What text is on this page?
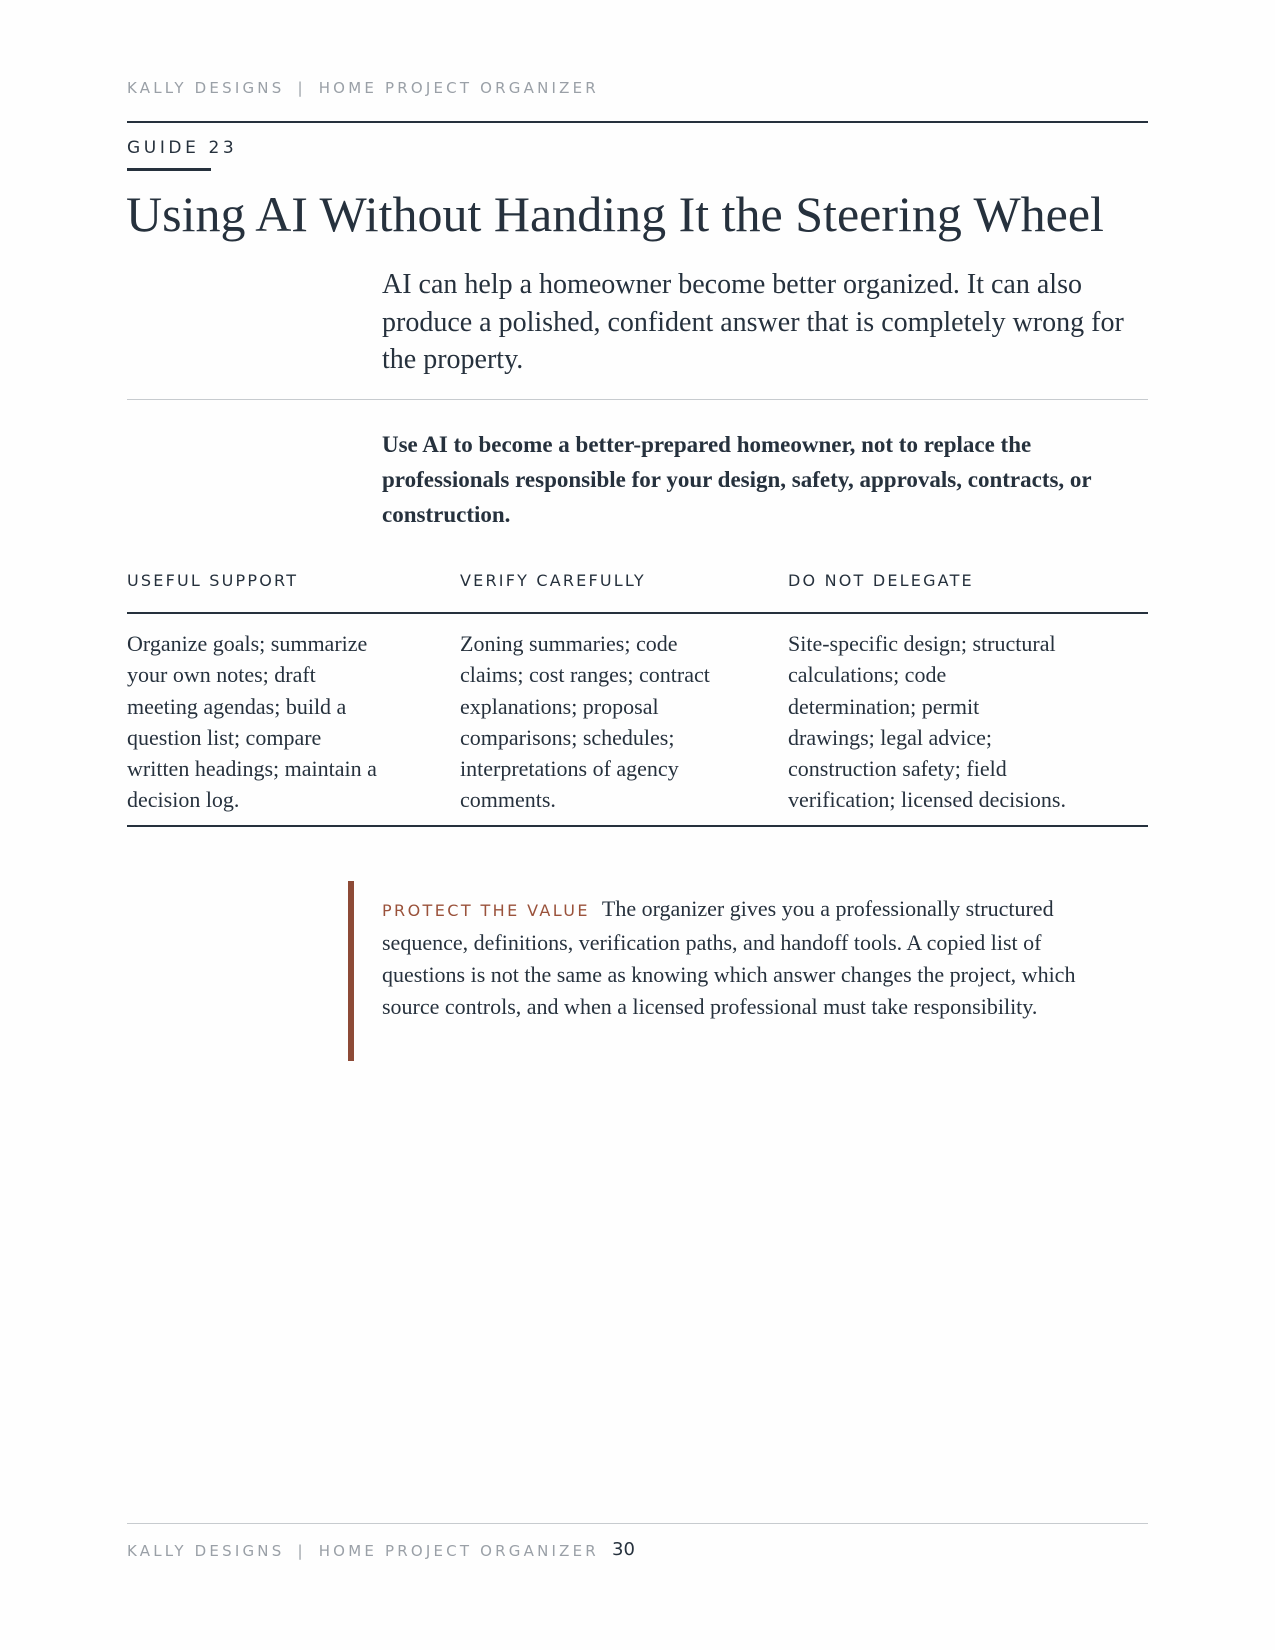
KALLY DESIGNS | HOME PROJECT ORGANIZER
GUIDE 23
Using AI Without Handing It the Steering Wheel

AI can help a homeowner become better organized. It can also produce a polished, confident answer that is completely wrong for the property.

Use AI to become a better-prepared homeowner, not to replace the professionals responsible for your design, safety, approvals, contracts, or construction.

USEFUL SUPPORT	VERIFY CAREFULLY	DO NOT DELEGATE
Organize goals; summarize
your own notes; draft
meeting agendas; build a
question list; compare
written headings; maintain a
decision log.
Zoning summaries; code
claims; cost ranges; contract
explanations; proposal
comparisons; schedules;
interpretations of agency
comments.
Site-specific design; structural
calculations; code
determination; permit
drawings; legal advice;
construction safety; field
verification; licensed decisions.

PROTECT THE VALUE The organizer gives you a professionally structured sequence, definitions, verification paths, and handoff tools. A copied list of questions is not the same as knowing which answer changes the project, which source controls, and when a licensed professional must take responsibility.

KALLY DESIGNS | HOME PROJECT ORGANIZER 30
